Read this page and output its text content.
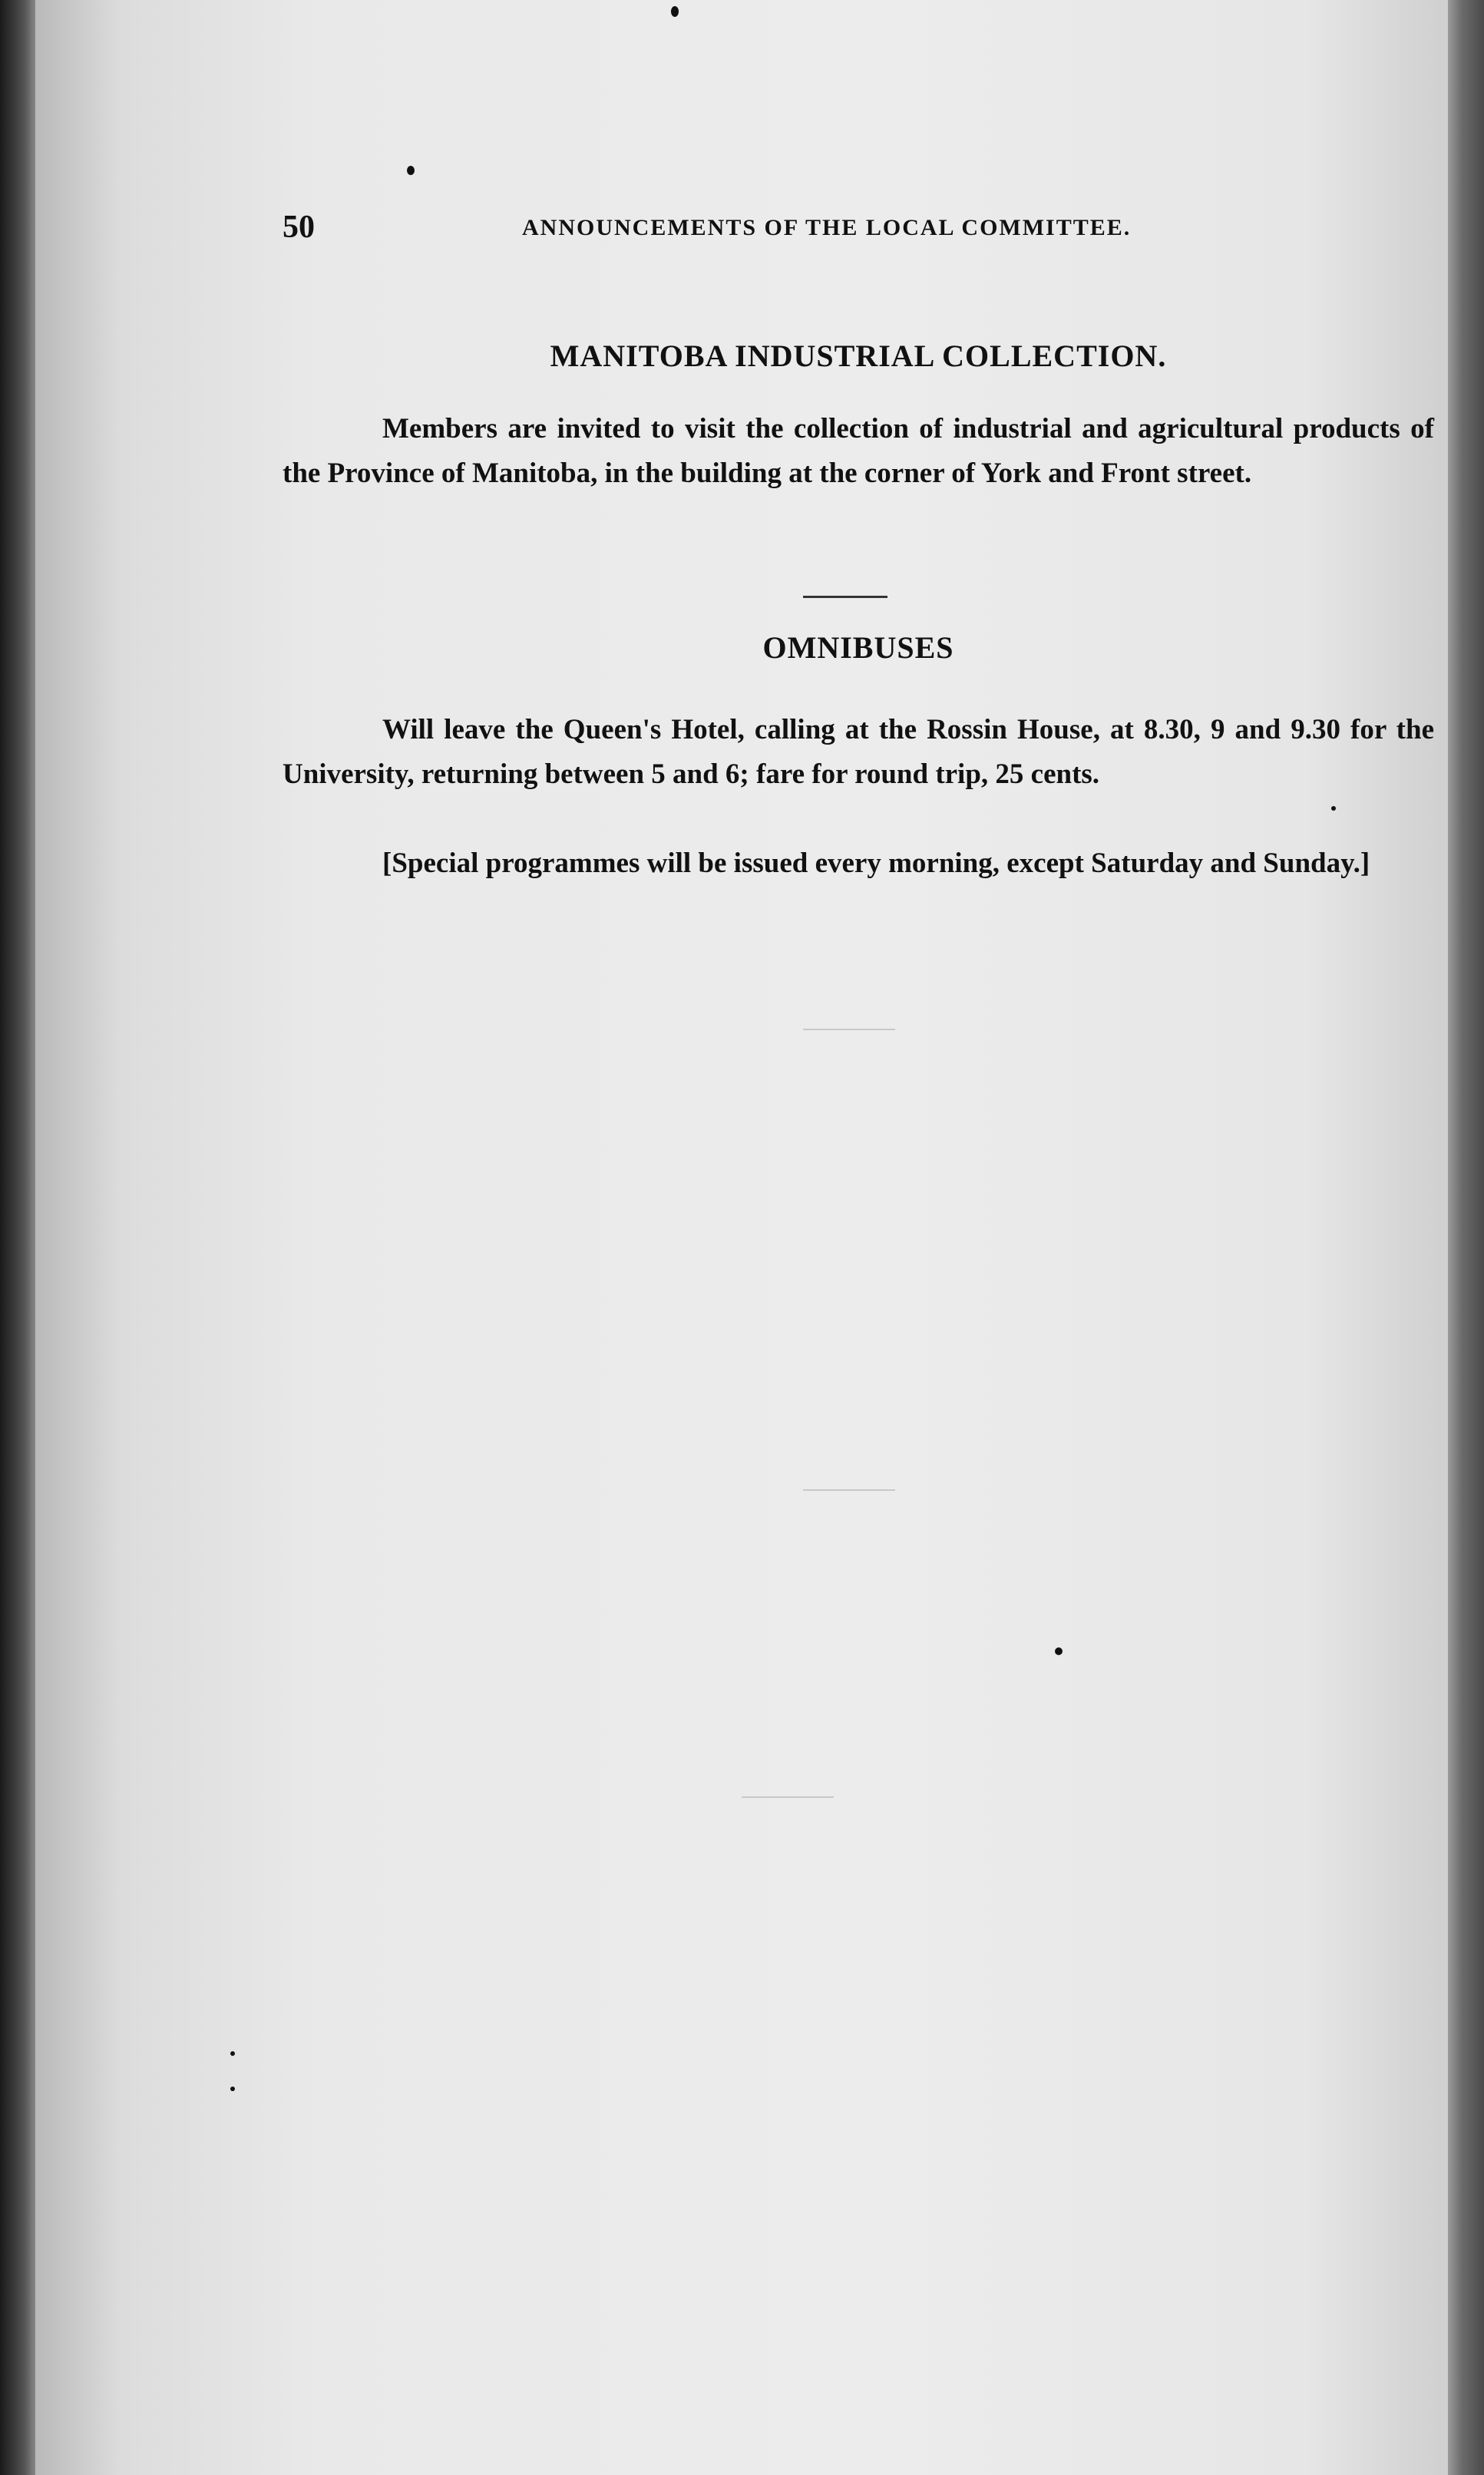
50	ANNOUNCEMENTS OF THE LOCAL COMMITTEE.
MANITOBA INDUSTRIAL COLLECTION.
Members are invited to visit the collection of industrial and agricultural products of the Province of Manitoba, in the building at the corner of York and Front street.
OMNIBUSES
Will leave the Queen's Hotel, calling at the Rossin House, at 8.30, 9 and 9.30 for the University, returning between 5 and 6; fare for round trip, 25 cents.
[Special programmes will be issued every morning, except Saturday and Sunday.]
